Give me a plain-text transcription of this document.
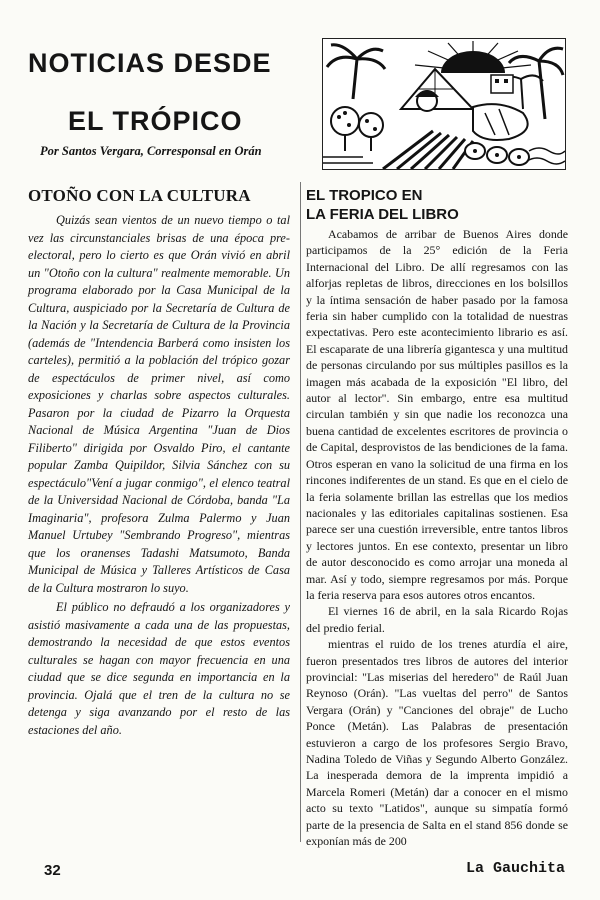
NOTICIAS DESDE
EL TRÓPICO

Por Santos Vergara, Corresponsal en Orán

OTOÑO CON LA CULTURA

Quizás sean vientos de un nuevo tiempo o tal vez las circunstanciales brisas de una época pre-electoral, pero lo cierto es que Orán vivió en abril un "Otoño con la cultura" realmente memorable. Un programa elaborado por la Casa Municipal de la Cultura, auspiciado por la Secretaría de Cultura de la Nación y la Secretaría de Cultura de la Provincia (además de "Intendencia Barberá como insisten los carteles), permitió a la población del trópico gozar de espectáculos de primer nivel, así como exposiciones y charlas sobre aspectos culturales. Pasaron por la ciudad de Pizarro la Orquesta Nacional de Música Argentina "Juan de Dios Filiberto" dirigida por Osvaldo Piro, el cantante popular Zamba Quipildor, Silvia Sánchez con su espectáculo"Vení a jugar conmigo", el elenco teatral de la Universidad Nacional de Córdoba, banda "La Imaginaria", profesora Zulma Palermo y Juan Manuel Urtubey "Sembrando Progreso", mientras que los oranenses Tadashi Matsumoto, Banda Municipal de Música y Talleres Artísticos de Casa de la Cultura mostraron lo suyo.

El público no defraudó a los organizadores y asistió masivamente a cada una de las propuestas, demostrando la necesidad de que estos eventos culturales se hagan con mayor frecuencia en una ciudad que se dice segunda en importancia en la provincia. Ojalá que el tren de la cultura no se detenga y siga avanzando por el resto de las estaciones del año.

EL TROPICO EN
LA FERIA DEL LIBRO

Acabamos de arribar de Buenos Aires donde participamos de la 25° edición de la Feria Internacional del Libro. De allí regresamos con las alforjas repletas de libros, direcciones en los bolsillos y la íntima sensación de haber pasado por la famosa feria sin haber cumplido con la totalidad de nuestras expectativas. Pero este acontecimiento librario es así. El escaparate de una librería gigantesca y una multitud de personas circulando por sus múltiples pasillos es la imagen más acabada de la exposición "El libro, del autor al lector". Sin embargo, entre esa multitud circulan también y sin que nadie los reconozca una buena cantidad de excelentes escritores de provincia o de Capital, desprovistos de las bendiciones de la fama. Otros esperan en vano la solicitud de una firma en los rincones indiferentes de un stand. Es que en el cielo de la feria solamente brillan las estrellas que los medios nacionales y las editoriales capitalinas sostienen. Esa parece ser una cuestión irreversible, entre tantos libros y lectores juntos. En ese contexto, presentar un libro de autor desconocido es como arrojar una moneda al mar. Así y todo, siempre regresamos por más. Porque la feria reserva para esos autores otros encantos.

El viernes 16 de abril, en la sala Ricardo Rojas del predio ferial.

mientras el ruido de los trenes aturdía el aire, fueron presentados tres libros de autores del interior provincial: "Las miserias del heredero" de Raúl Juan Reynoso (Orán). "Las vueltas del perro" de Santos Vergara (Orán) y "Canciones del obraje" de Lucho Ponce (Metán). Las Palabras de presentación estuvieron a cargo de los profesores Sergio Bravo, Nadina Toledo de Viñas y Segundo Alberto González. La inesperada demora de la imprenta impidió a Marcela Romeri (Metán) dar a conocer en el mismo acto su texto "Latidos", aunque su simpatía formó parte de la presencia de Salta en el stand 856 donde se exponían más de 200

32	La Gauchita
